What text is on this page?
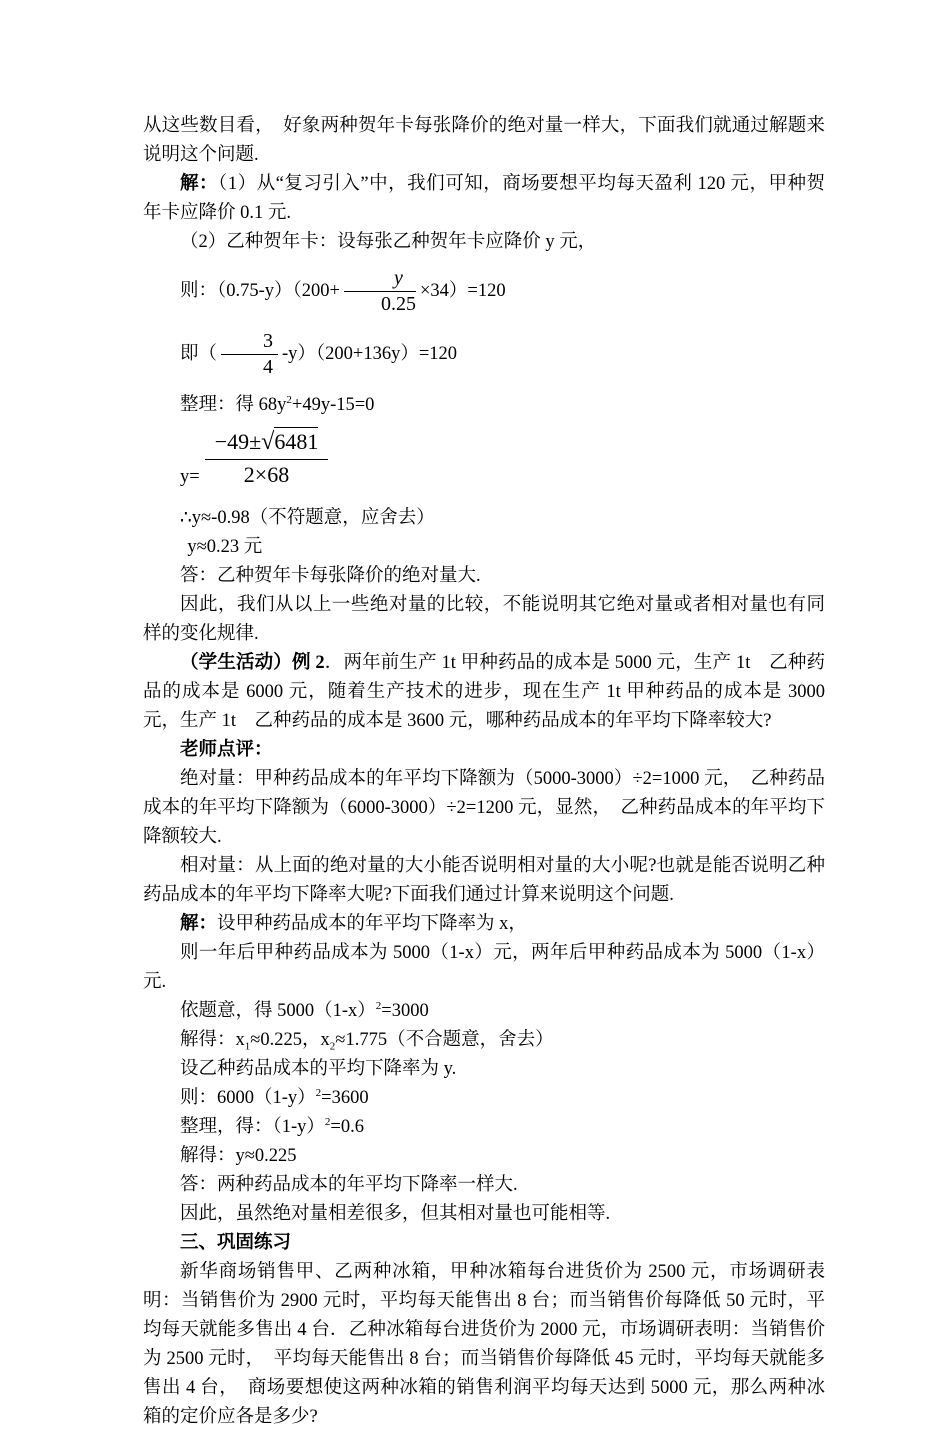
从这些数目看，　好象两种贺年卡每张降价的绝对量一样大，下面我们就通过解题来说明这个问题.

解：（1）从“复习引入”中，我们可知，商场要想平均每天盈利 120 元，甲种贺年卡应降价 0.1 元.

（2）乙种贺年卡：设每张乙种贺年卡应降价 y 元，

则：$(0.75-y)(200+ \frac{y}{0.25} \times 34)=120$

即（ $\frac{3}{4} -y)(200+136y)=120$

整理：得 $68y^2+49y-15=0$

$y= \frac{-49\pm√6481}{2\times 68}$

∴y≈-0.98（不符题意，应舍去）

y≈0.23 元

答：乙种贺年卡每张降价的绝对量大.

因此，我们从以上一些绝对量的比较，不能说明其它绝对量或者相对量也有同样的变化规律.

（学生活动）例 2．两年前生产 1t 甲种药品的成本是 5000 元，生产 1t　乙种药品的成本是 6000 元，随着生产技术的进步，现在生产 1t 甲种药品的成本是 3000 元，生产 1t　乙种药品的成本是 3600 元，哪种药品成本的年平均下降率较大?

老师点评：

绝对量：甲种药品成本的年平均下降额为（5000-3000）÷2=1000 元，　乙种药品成本的年平均下降额为（6000-3000）÷2=1200 元，显然，　乙种药品成本的年平均下降额较大.

相对量：从上面的绝对量的大小能否说明相对量的大小呢?也就是能否说明乙种药品成本的年平均下降率大呢?下面我们通过计算来说明这个问题.

解：设甲种药品成本的年平均下降率为 x，

则一年后甲种药品成本为 5000（1-x）元，两年后甲种药品成本为 5000（1-x）元.

依题意，得 $5000(1-x)^2=3000$

解得：$x_1\approx 0.225$，$x_2\approx 1.775$（不合题意，舍去）

设乙种药品成本的平均下降率为 y.

则：$6000(1-y)^2=3600$

整理，得：$(1-y)^2=0.6$

解得：y≈0.225

答：两种药品成本的年平均下降率一样大.

因此，虽然绝对量相差很多，但其相对量也可能相等.

三、巩固练习

新华商场销售甲、乙两种冰箱，甲种冰箱每台进货价为 2500 元，市场调研表明：当销售价为 2900 元时，平均每天能售出 8 台；而当销售价每降低 50 元时，平均每天就能多售出 4 台．乙种冰箱每台进货价为 2000 元，市场调研表明：当销售价为 2500 元时，　平均每天能售出 8 台；而当销售价每降低 45 元时，平均每天就能多售出 4 台，　商场要想使这两种冰箱的销售利润平均每天达到 5000 元，那么两种冰箱的定价应各是多少?
